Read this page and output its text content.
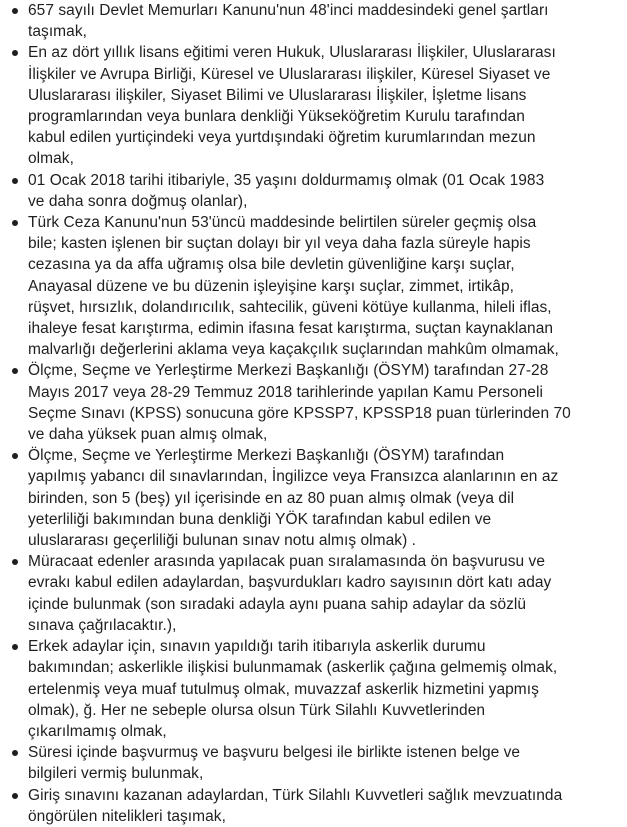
657 sayılı Devlet Memurları Kanunu'nun 48'inci maddesindeki genel şartları
taşımak,
En az dört yıllık lisans eğitimi veren Hukuk, Uluslararası İlişkiler, Uluslararası
İlişkiler ve Avrupa Birliği, Küresel ve Uluslararası ilişkiler, Küresel Siyaset ve
Uluslararası ilişkiler, Siyaset Bilimi ve Uluslararası İlişkiler, İşletme lisans
programlarından veya bunlara denkliği Yükseköğretim Kurulu tarafından
kabul edilen yurtiçindeki veya yurtdışındaki öğretim kurumlarından mezun
olmak,
01 Ocak 2018 tarihi itibariyle, 35 yaşını doldurmamış olmak (01 Ocak 1983
ve daha sonra doğmuş olanlar),
Türk Ceza Kanunu'nun 53'üncü maddesinde belirtilen süreler geçmiş olsa
bile; kasten işlenen bir suçtan dolayı bir yıl veya daha fazla süreyle hapis
cezasına ya da affa uğramış olsa bile devletin güvenliğine karşı suçlar,
Anayasal düzene ve bu düzenin işleyişine karşı suçlar, zimmet, irtikâp,
rüşvet, hırsızlık, dolandırıcılık, sahtecilik, güveni kötüye kullanma, hileli iflas,
ihaleye fesat karıştırma, edimin ifasına fesat karıştırma, suçtan kaynaklanan
malvarlığı değerlerini aklama veya kaçakçılık suçlarından mahkûm olmamak,
Ölçme, Seçme ve Yerleştirme Merkezi Başkanlığı (ÖSYM) tarafından 27-28
Mayıs 2017 veya 28-29 Temmuz 2018 tarihlerinde yapılan Kamu Personeli
Seçme Sınavı (KPSS) sonucuna göre KPSSP7, KPSSP18 puan türlerinden 70
ve daha yüksek puan almış olmak,
Ölçme, Seçme ve Yerleştirme Merkezi Başkanlığı (ÖSYM) tarafından
yapılmış yabancı dil sınavlarından, İngilizce veya Fransızca alanlarının en az
birinden, son 5 (beş) yıl içerisinde en az 80 puan almış olmak (veya dil
yeterliliği bakımından buna denkliği YÖK tarafından kabul edilen ve
uluslararası geçerliliği bulunan sınav notu almış olmak) .
Müracaat edenler arasında yapılacak puan sıralamasında ön başvurusu ve
evrakı kabul edilen adaylardan, başvurdukları kadro sayısının dört katı aday
içinde bulunmak (son sıradaki adayla aynı puana sahip adaylar da sözlü
sınava çağrılacaktır.),
Erkek adaylar için, sınavın yapıldığı tarih itibarıyla askerlik durumu
bakımından; askerlikle ilişkisi bulunmamak (askerlik çağına gelmemiş olmak,
ertelenmiş veya muaf tutulmuş olmak, muvazzaf askerlik hizmetini yapmış
olmak), ğ. Her ne sebeple olursa olsun Türk Silahlı Kuvvetlerinden
çıkarılmamış olmak,
Süresi içinde başvurmuş ve başvuru belgesi ile birlikte istenen belge ve
bilgileri vermiş bulunmak,
Giriş sınavını kazanan adaylardan, Türk Silahlı Kuvvetleri sağlık mevzuatında
öngörülen nitelikleri taşımak,
